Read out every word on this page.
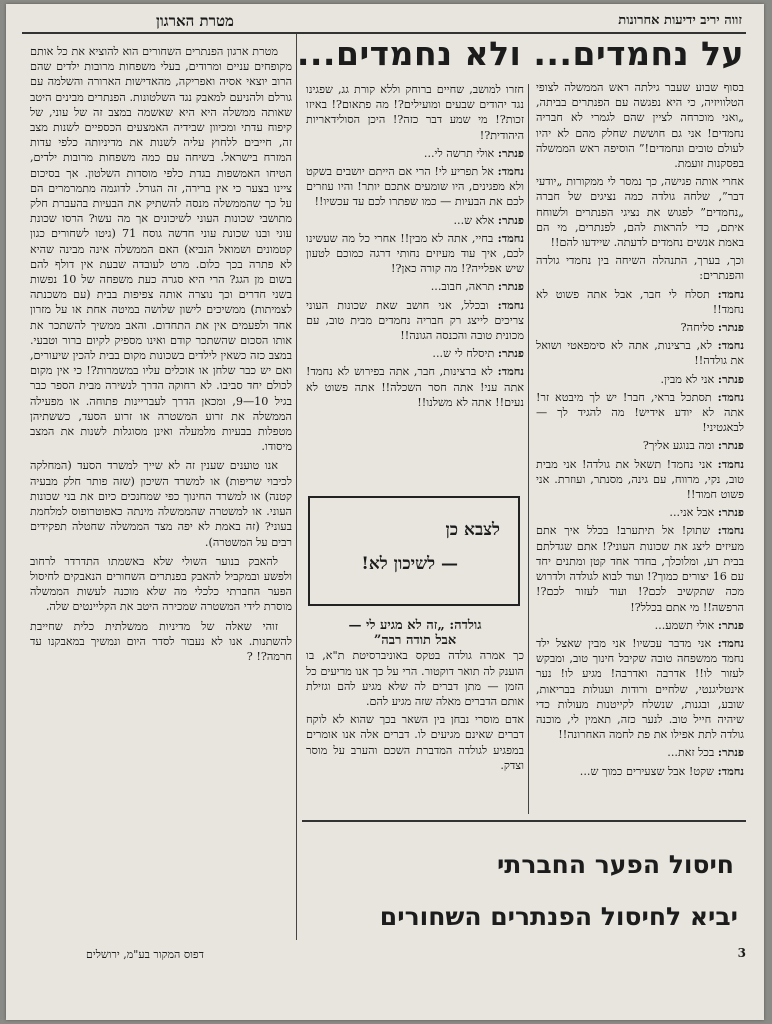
זווה יריב ידיעות אחרונות
מטרת הארגון
על נחמדים... ולא נחמדים...

בסוף שבוע שעבר גילתה ראש הממשלה לצופי הטלוויזיה, כי היא נפגשה עם הפנתרים בביתה, „ואני מוכרחה לציין שהם לגמרי לא חבריה נחמדים! אני גם חוששת שחלק מהם לא יהיו לעולם טובים ונחמדים!” הוסיפה ראש הממשלה בפסקנות זועמת.

אחרי אותה פגישה, כך נמסר לי ממקורות „יודעי דבר”, שלחה גולדה כמה נציגים של חברה „נחמדים” לפגוש את נציגי הפנתרים ולשוחח איתם, כדי להראות להם, לפנתרים, מי הם באמת אנשים נחמדים לדעתה. שיידעו להם!!

וכך, בערך, התנהלה השיחה בין נחמדי גולדה והפנתרים:

נחמד: תסלח לי חבר, אבל אתה פשוט לא נחמד!!

פנתר: סליחה?

נחמד: לא, ברצינות, אתה לא סימפאטי ושואל את גולדה!!

פנתר: אני לא מבין.

נחמד: תסתכל בראי, חבר! יש לך מיבטא זר! אתה לא יודע אידיש! מה להגיד לך — לבאגטיני!

פנתר: ומה בנוגע אליך?

נחמד: אני נחמד! תשאל את גולדה! אני מבית טוב, נקי, מרווח, עם גינה, מסנתר, ועוזרת. אני פשוט חמוד!!

פנתר: אבל אני...

נחמד: שתוק! אל תיתערב! בכלל איך אתם מעיזים ליצג את שכונות העוני?! אתם שגדלתם בבית רע, ומלוכלך, בחדר אחד קטן ומתנים יחד עם 16 יצורים כמוך?! ועוד לבוא לגולדה ולדרוש מכה שתקשיב לכם?! ועוד לעזור לכם?! הרפשה!! מי אתם בכלל?!

פנתר: אולי תשמע...

נחמד: אני מדבר עכשיו! אני מבין שאצל ילד נחמד ממשפחה טובה שקיבל חינוך טוב, ומבקש לעזור לו!! אדרבה ואדרבה! מגיע לו! נער אינטליגנטי, שלחיים ורודות ועגולות בבריאות, שובע, ובגנות, שנשלח לקייטנות מעולות כדי שיהיה חייל טוב. לנער כזה, תאמין לי, מוכנה גולדה לתת אפילו את פת לחמה האחרונה!!

פנתר: בכל זאת...

נחמד: שקט! אבל שצעירים כמוך ש...

חזרו למושב, שחיים ברוחק וללא קורת גג, שפגינו נגד יהודים שבעים ומועילים?! מה פתאום?! באיזו זכות?! מי שמע דבר כזה?! היכן הסולידאריות היהודית?!

פנתר: אולי תרשה לי...

נחמד: אל תפריע לי! הרי אם הייתם יושבים בשקט ולא מפגינים, היו שומעים אתכם יותר! והיו עוזרים לכם את הבעיות — כמו שפתרו לכם עד עכשיו!!

פנתר: אלא ש...

נחמד: בחיי, אתה לא מבין!! אחרי כל מה שעשינו לכם, איך עוד מעיזים נחותי דרגה כמוכם לטעון שיש אפלייה?! מה קורה כאן?!

פנתר: תראה, חבוב...

נחמד: ובכלל, אני חושב שאת שכונות העוני צריכים לייצג רק חבריה נחמדים מבית טוב, עם מכונית טובה והכנסה הגונה!!

פנתר: תיסלח לי ש...

נחמד: לא ברצינות, חבר, אתה בפירוש לא נחמד! אתה עני! אתה חסר השכלה!! אתה פשוט לא נעים!! אתה לא משלנו!!

לצבא כן
— לשיכון לא!
גולדה: „זה לא מגיע לי —
אבל תודה רבה”

כך אמרה גולדה בטקס באוניברסיטת ת"א, בו הוענק לה תואר דוקטור. הרי על כך אנו מריעים כל הזמן — מתן דברים לה שלא מגיע להם וגזילת אותם הדברים מאלה שזה מגיע להם.

אדם מוסרי נבחן בין השאר בכך שהוא לא לוקח דברים שאינם מגיעים לו. דברים אלה אנו אומרים במפגיע לגולדה המדברת השכם והערב על מוסר וצדק.

מטרת ארגון הפנתרים השחורים הוא להוציא את כל אותם מקופחים עניים ומרודים, בעלי משפחות מרובות ילדים שהם הרוב יוצאי אסיה ואפריקה, מהאדישות הארורה והשלמה עם גורלם ולהניעם למאבק נגד השלטונות. הפנתרים מבינים היטב שאותה ממשלה היא היא שאשמה במצב זה של עוני, של קיפוח עדתי ומכיוון שבידיה האמצעים הכספיים לשנות מצב זה, חייבים ללחוץ עליה לשנות את מדיניותה כלפי עדות המזרח בישראל. בשיחה עם כמה משפחות מרובות ילדים, הטיחו האמשפות בגדת כלפי מוסדות השלטון. אך בסיכום ציינו בצער כי אין ברירה, זה הגורל. לדוגמה מתמרמרים הם על כך שהממשלה מנסה להשתיק את הבעיות בהעברת חלק מתושבי שכונות העוני לשיכונים אך מה עשו? הרסו שכונת עוני ובנו שכונת עוני חדשה גוסח 71 (גיטו לשחורים כגון קטמונים ושמואל הנביא) האם הממשלה אינה מבינה שהיא לא פתרה בכך כלום. מרט לעובדה שבעת אין דולף להם בשום מן הגג? הרי היא סגרה כעת משפחה של 10 נפשות בשני חדרים וכך נוצרה אותה צפיפות בבית (עם משכנתה לצמיתות) ממשיכים לישון שלושה במיטה אחת או על מזרון אחד ולפעמים אין את התחדום. והאב ממשיך להשתכר את אותו הסכום שהשתכר קודם ואינו מספיק לקיום ברור וטבעי. במצב כזה כשאין לילדים בשכונות מקום בבית להכין שיעורים, ואם יש כבר שלחן או אוכלים עליו במשמרות?! כי אין מקום לכולם יחד סביבו. לא רחוקה הדרך לנשירה מבית הספר כבר בגיל 10—9, ומכאן הדרך לעבריינות פתוחה. או מפעילה הממשלה את זרוע המשטרה או זרוע הסעד, כששתיהן מטפלות בבעיות מלמעלה ואינן מסוגלות לשנות את המצב מיסודו.

אנו טוענים שענין זה לא שייך למשרד הסעד (המחלקה לכיבוי שריפות) או למשרד השיכון (שזה פותר חלק מבעיה קטנה) או למשרד החינוך כפי שמחנכים כיום את בני שכונות העוני. או למשטרה שהממשלה מינתה כאפוטרופוס למלחמת בעוני? (זה באמת לא יפה מצד הממשלה שחטלה תפקידים רבים על המשטרה).

להאבק בנוער השולי שלא באשמתו התדרדר לרחוב ולפשע ובמקביל להאבק בפנתרים השחורים הנאבקים לחיסול הפער החברתי כלכלי מה שלא מוכנה לעשות הממשלה מוסרת לידי המשטרה שמכירה היטב את הקליינטים שלה.

זוהי שאלה של מדיניות ממשלתית כלית שחייבת להשתנות. אנו לא נעבור לסדר היום ונמשיך במאבקנו עד חרמה?! ?

חיסול הפער החברתי
יביא לחיסול הפנתרים השחורים
דפוס המקור בע"מ, ירושלים	3
